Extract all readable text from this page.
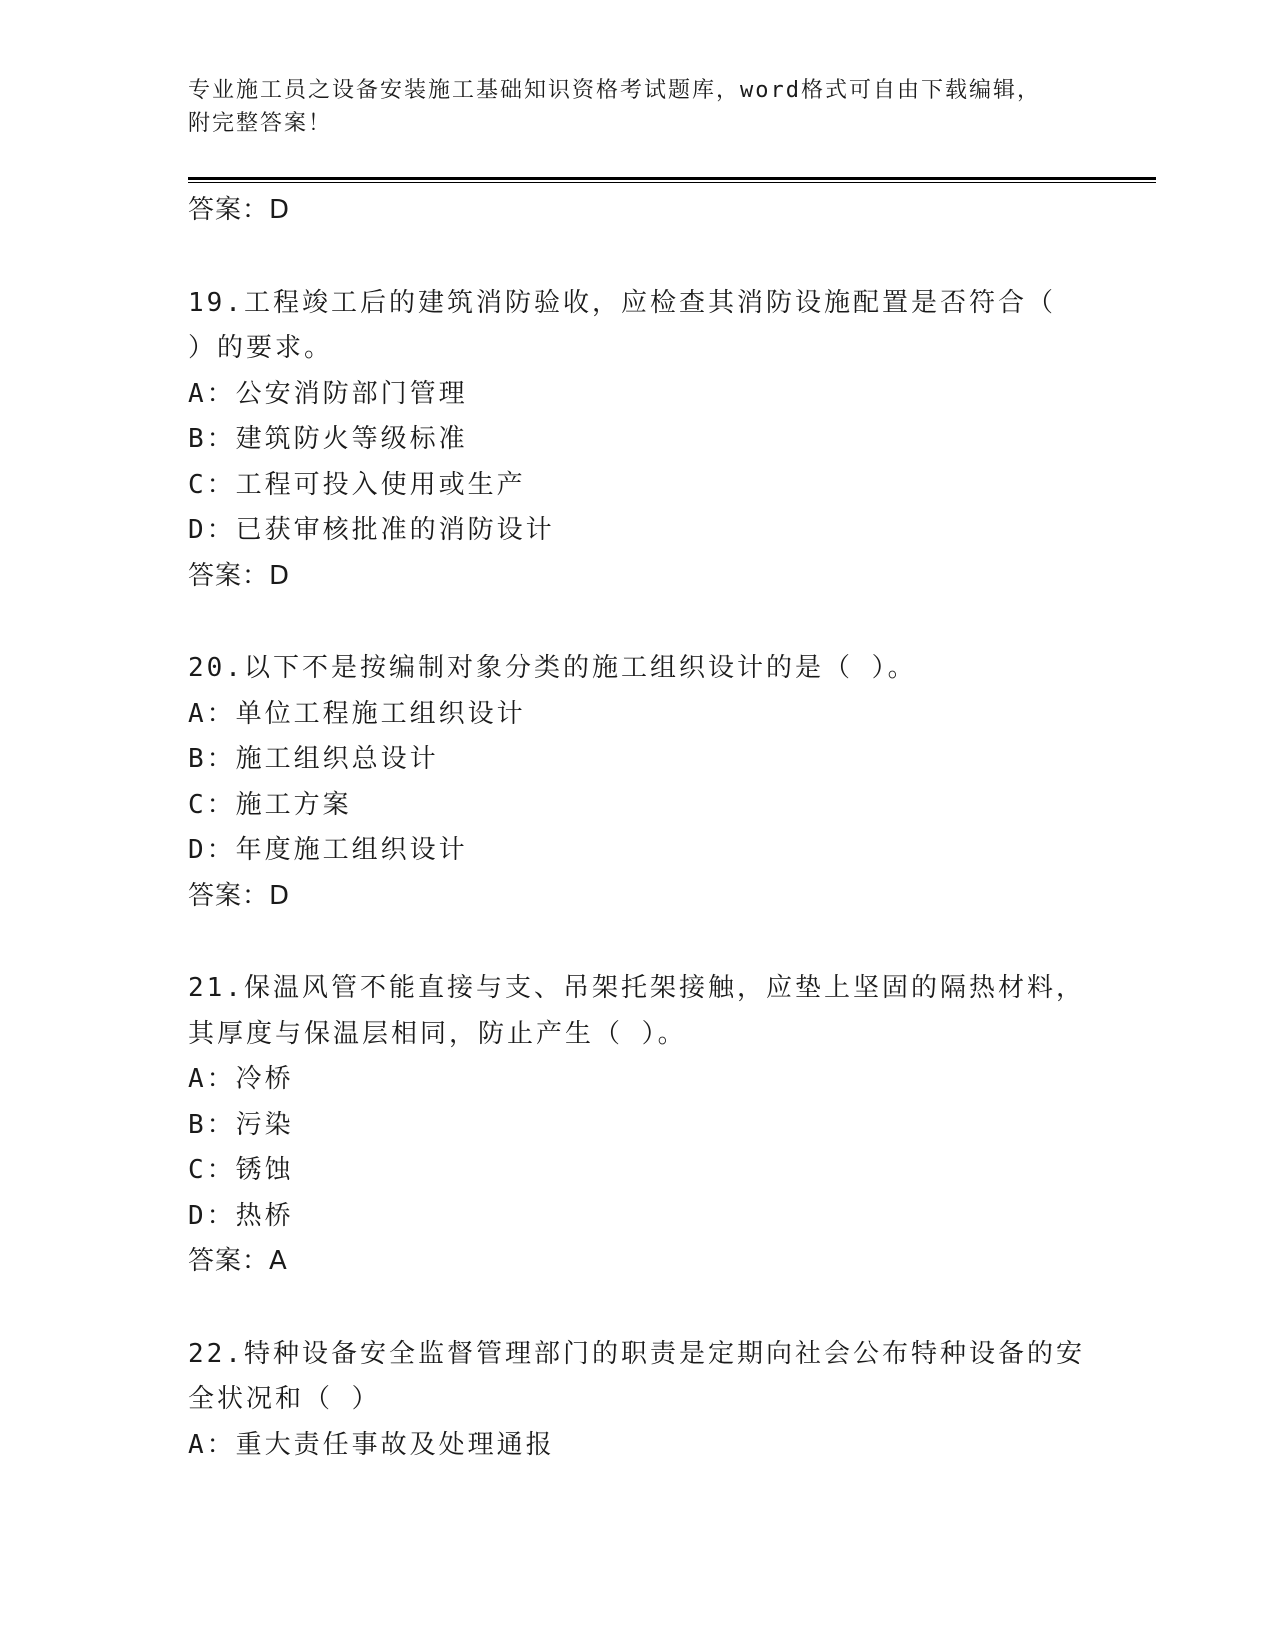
专业施工员之设备安装施工基础知识资格考试题库，word格式可自由下载编辑，
附完整答案！
答案：D
19.工程竣工后的建筑消防验收，应检查其消防设施配置是否符合（
）的要求。
A：公安消防部门管理
B：建筑防火等级标准
C：工程可投入使用或生产
D：已获审核批准的消防设计
答案：D
20.以下不是按编制对象分类的施工组织设计的是（ ）。
A：单位工程施工组织设计
B：施工组织总设计
C：施工方案
D：年度施工组织设计
答案：D
21.保温风管不能直接与支、吊架托架接触，应垫上坚固的隔热材料，
其厚度与保温层相同，防止产生（ ）。
A：冷桥
B：污染
C：锈蚀
D：热桥
答案：A
22.特种设备安全监督管理部门的职责是定期向社会公布特种设备的安
全状况和（ ）
A：重大责任事故及处理通报
